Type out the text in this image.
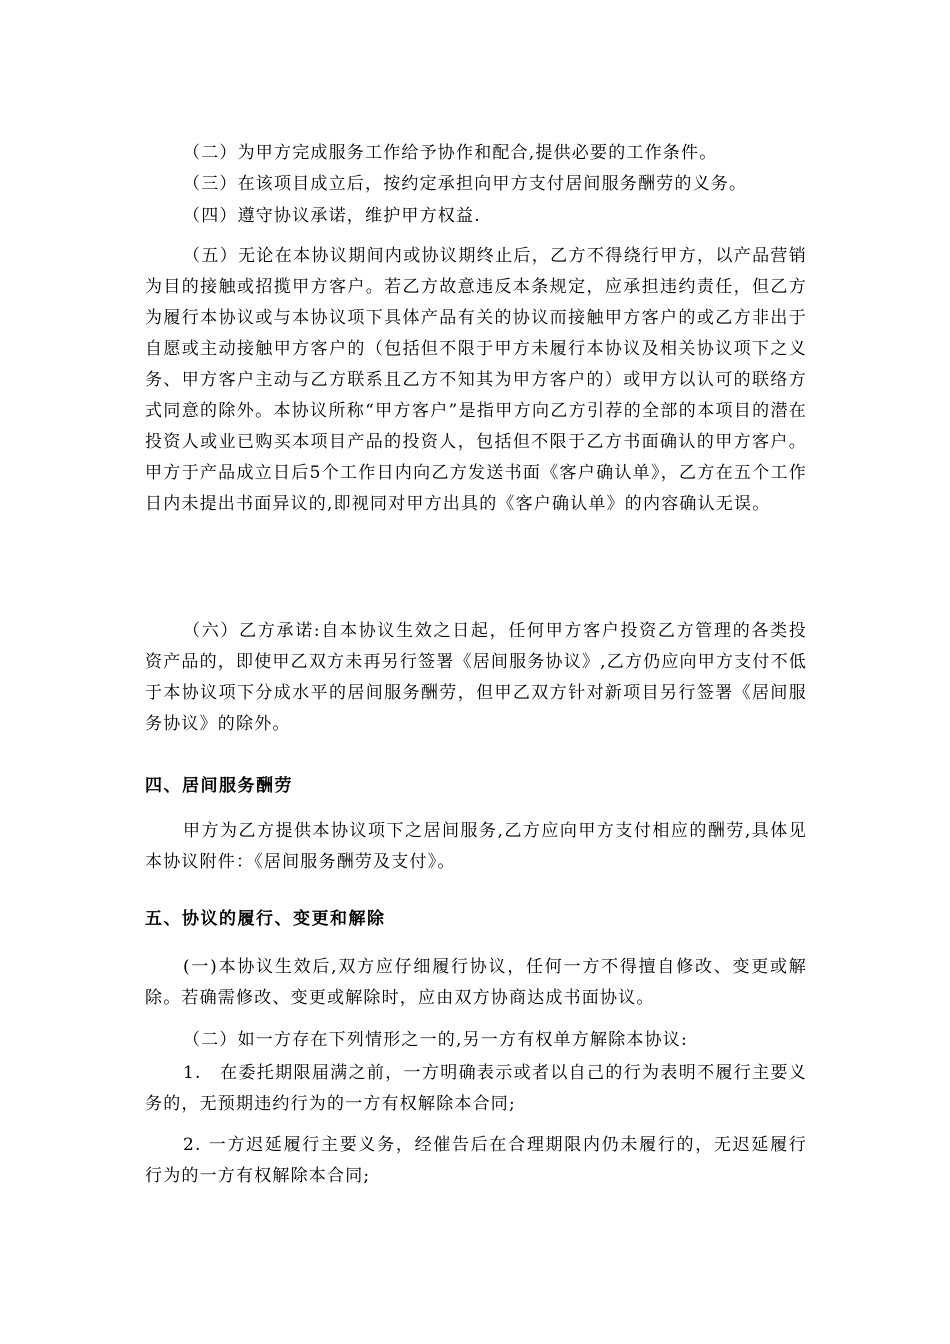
（二）为甲方完成服务工作给予协作和配合,提供必要的工作条件。

（三）在该项目成立后，按约定承担向甲方支付居间服务酬劳的义务。

（四）遵守协议承诺，维护甲方权益.

（五）无论在本协议期间内或协议期终止后，乙方不得绕行甲方，以产品营销为目的接触或招揽甲方客户。若乙方故意违反本条规定，应承担违约责任，但乙方为履行本协议或与本协议项下具体产品有关的协议而接触甲方客户的或乙方非出于自愿或主动接触甲方客户的（包括但不限于甲方未履行本协议及相关协议项下之义务、甲方客户主动与乙方联系且乙方不知其为甲方客户的）或甲方以认可的联络方式同意的除外。本协议所称“甲方客户”是指甲方向乙方引荐的全部的本项目的潜在投资人或业已购买本项目产品的投资人，包括但不限于乙方书面确认的甲方客户。甲方于产品成立日后5个工作日内向乙方发送书面《客户确认单》，乙方在五个工作日内未提出书面异议的,即视同对甲方出具的《客户确认单》的内容确认无误。

（六）乙方承诺:自本协议生效之日起，任何甲方客户投资乙方管理的各类投资产品的，即使甲乙双方未再另行签署《居间服务协议》,乙方仍应向甲方支付不低于本协议项下分成水平的居间服务酬劳，但甲乙双方针对新项目另行签署《居间服务协议》的除外。

四、居间服务酬劳

甲方为乙方提供本协议项下之居间服务,乙方应向甲方支付相应的酬劳,具体见本协议附件：《居间服务酬劳及支付》。

五、协议的履行、变更和解除

(一)本协议生效后,双方应仔细履行协议，任何一方不得擅自修改、变更或解除。若确需修改、变更或解除时，应由双方协商达成书面协议。

（二）如一方存在下列情形之一的,另一方有权单方解除本协议:

1.　在委托期限届满之前，一方明确表示或者以自己的行为表明不履行主要义务的，无预期违约行为的一方有权解除本合同;

2. 一方迟延履行主要义务，经催告后在合理期限内仍未履行的，无迟延履行行为的一方有权解除本合同;
